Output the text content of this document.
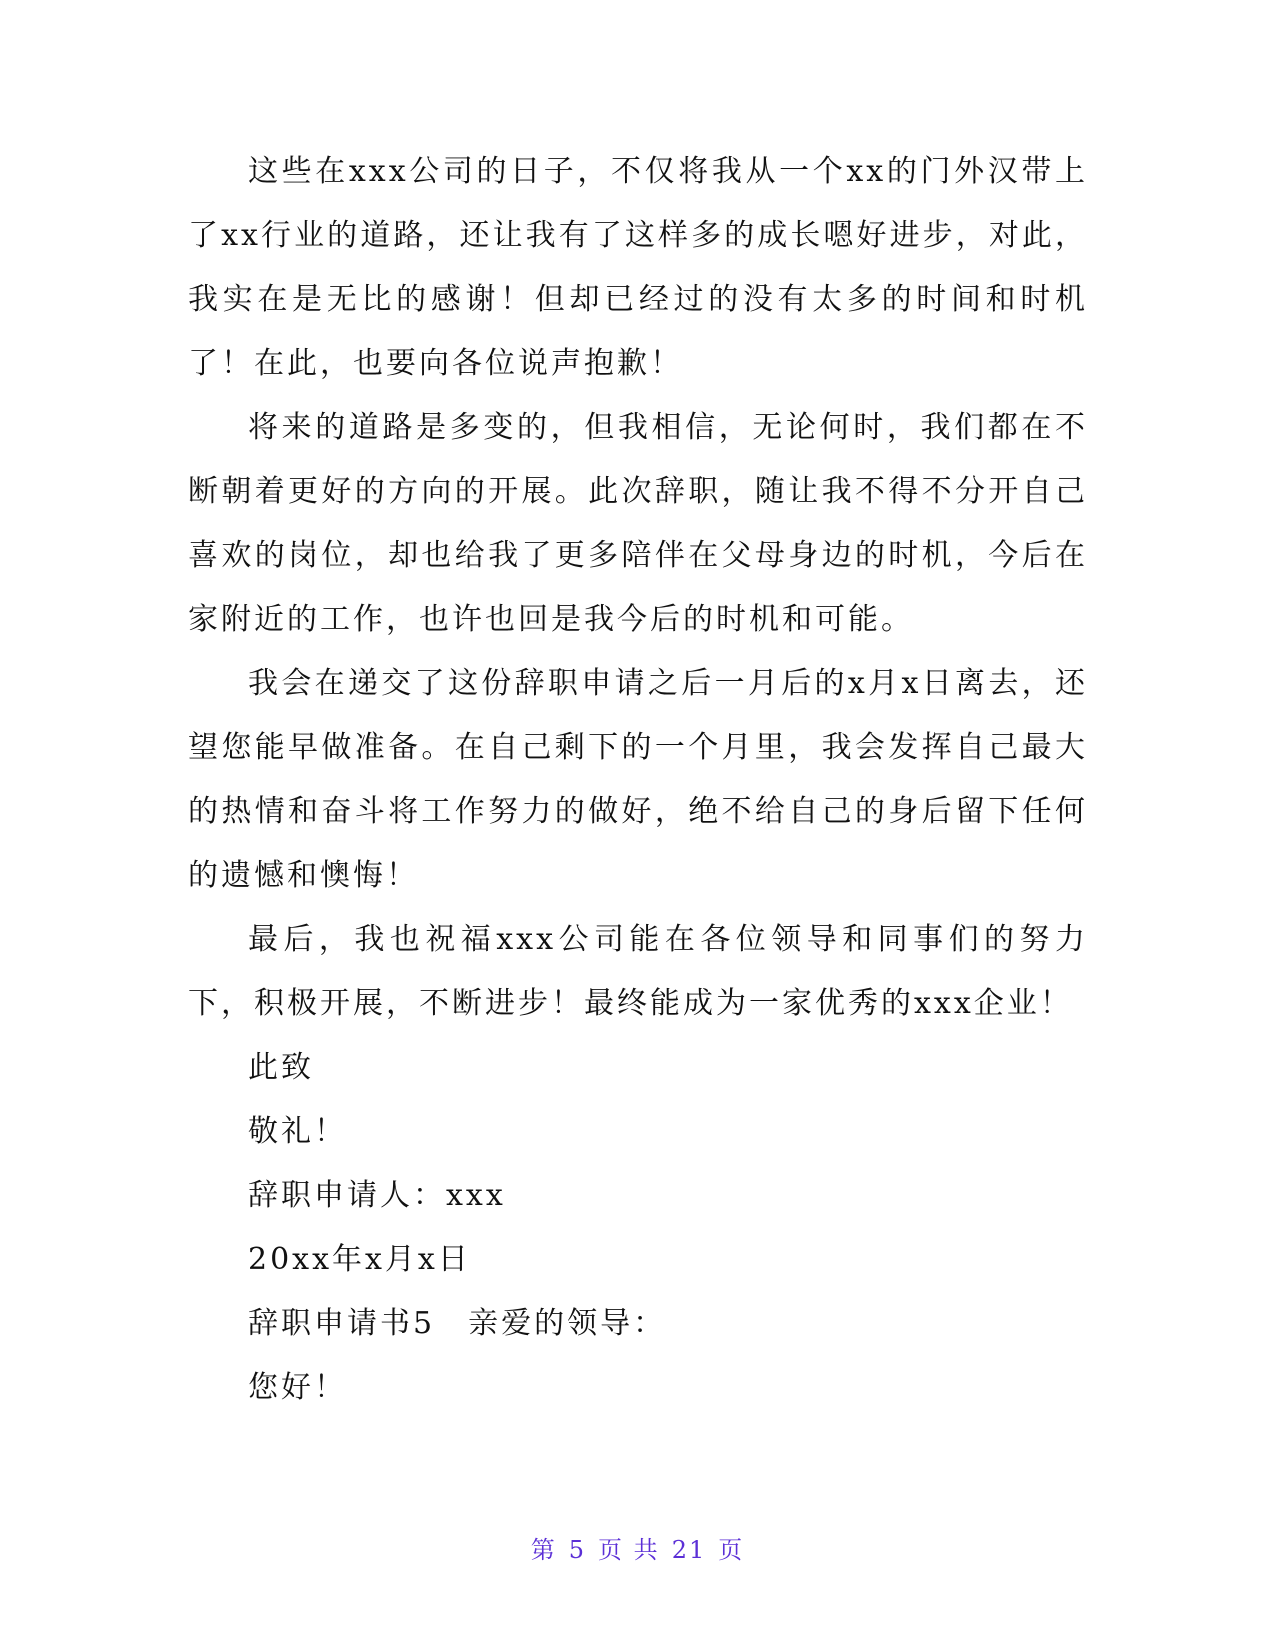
这些在xxx公司的日子，不仅将我从一个xx的门外汉带上了xx行业的道路，还让我有了这样多的成长嗯好进步，对此，我实在是无比的感谢！但却已经过的没有太多的时间和时机了！在此，也要向各位说声抱歉！

将来的道路是多变的，但我相信，无论何时，我们都在不断朝着更好的方向的开展。此次辞职，随让我不得不分开自己喜欢的岗位，却也给我了更多陪伴在父母身边的时机，今后在家附近的工作，也许也回是我今后的时机和可能。

我会在递交了这份辞职申请之后一月后的x月x日离去，还望您能早做准备。在自己剩下的一个月里，我会发挥自己最大的热情和奋斗将工作努力的做好，绝不给自己的身后留下任何的遗憾和懊悔！

最后，我也祝福xxx公司能在各位领导和同事们的努力下，积极开展，不断进步！最终能成为一家优秀的xxx企业！

此致

敬礼！

辞职申请人：xxx

20xx年x月x日

辞职申请书5　亲爱的领导：

您好！

第 5 页 共 21 页
